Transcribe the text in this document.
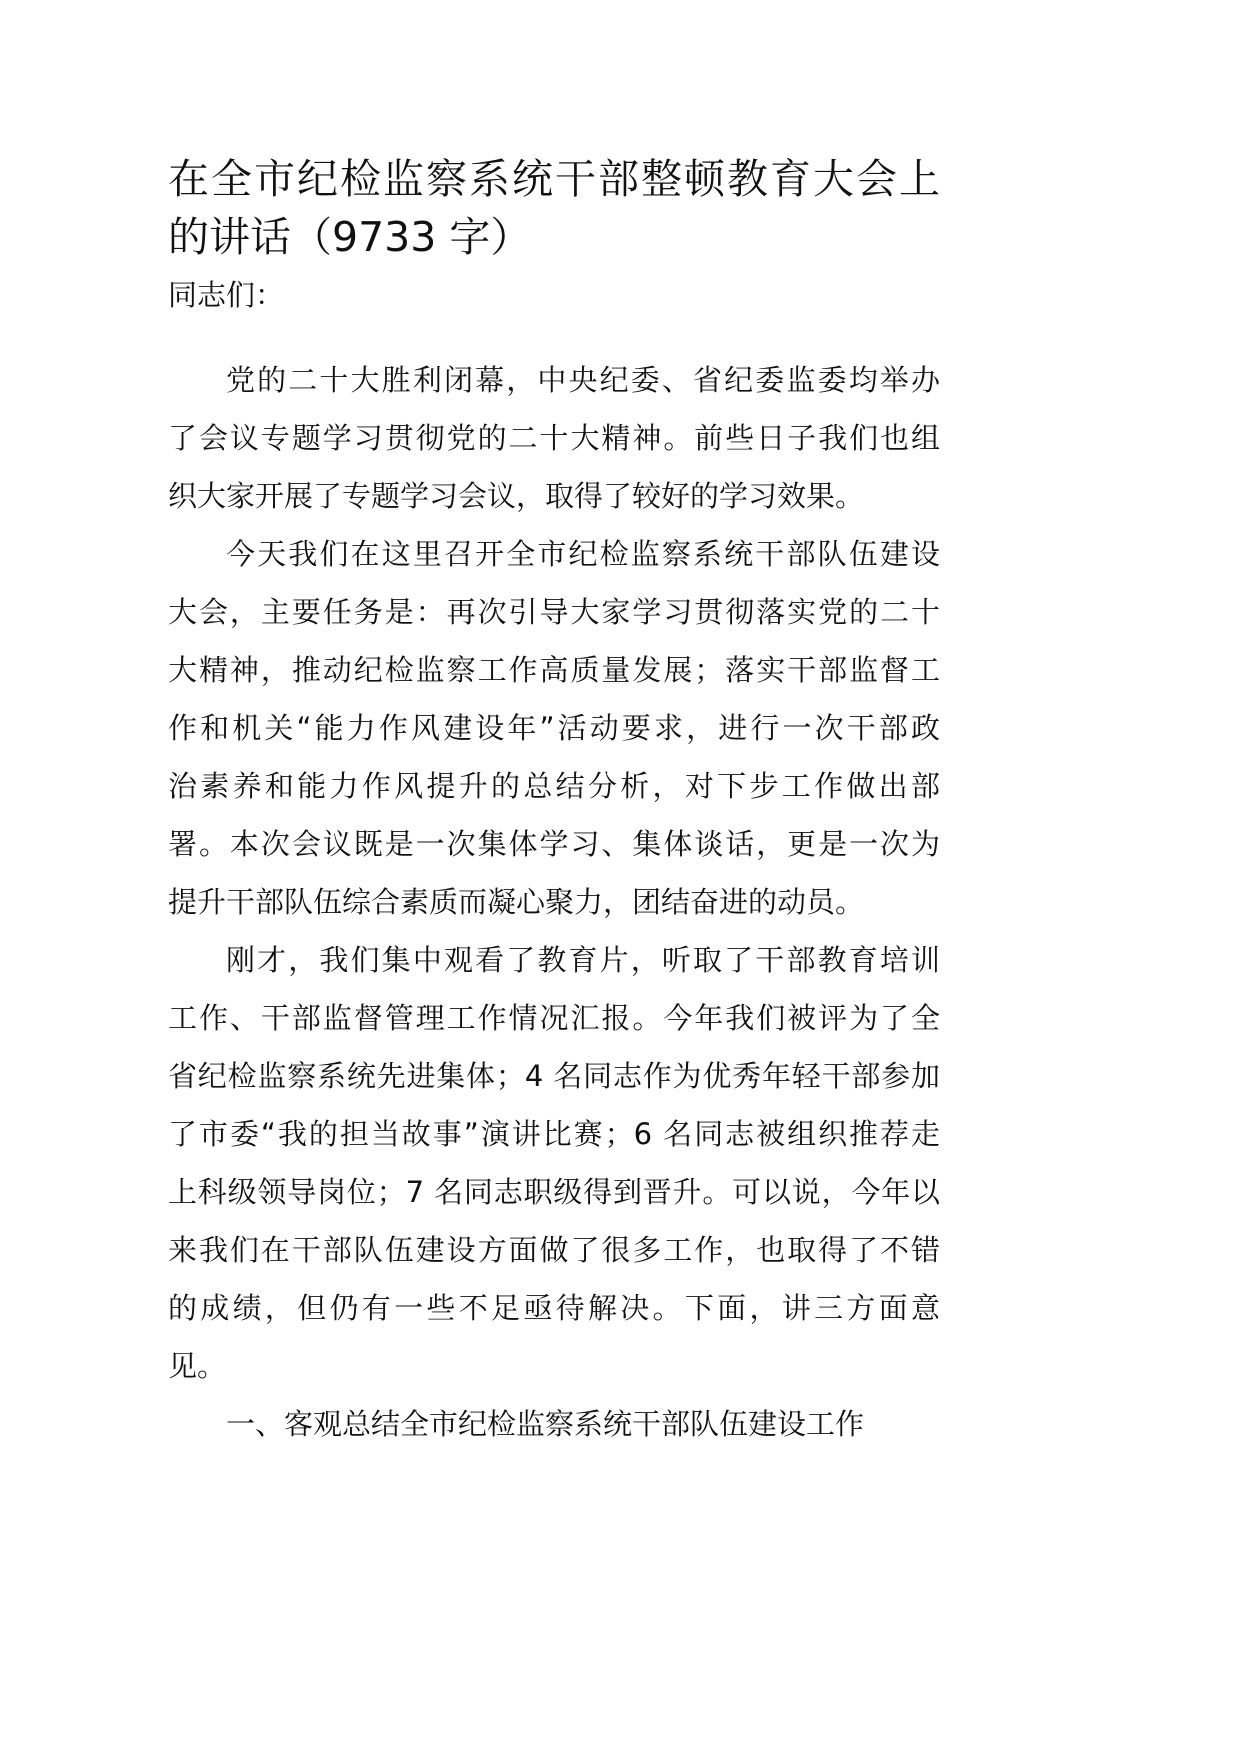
在全市纪检监察系统干部整顿教育大会上
的讲话（9733 字）
同志们：
党的二十大胜利闭幕，中央纪委、省纪委监委均举办
了会议专题学习贯彻党的二十大精神。前些日子我们也组
织大家开展了专题学习会议，取得了较好的学习效果。
今天我们在这里召开全市纪检监察系统干部队伍建设
大会，主要任务是：再次引导大家学习贯彻落实党的二十
大精神，推动纪检监察工作高质量发展；落实干部监督工
作和机关“能力作风建设年”活动要求，进行一次干部政
治素养和能力作风提升的总结分析，对下步工作做出部
署。本次会议既是一次集体学习、集体谈话，更是一次为
提升干部队伍综合素质而凝心聚力，团结奋进的动员。
刚才，我们集中观看了教育片，听取了干部教育培训
工作、干部监督管理工作情况汇报。今年我们被评为了全
省纪检监察系统先进集体；4 名同志作为优秀年轻干部参加
了市委“我的担当故事”演讲比赛；6 名同志被组织推荐走
上科级领导岗位；7 名同志职级得到晋升。可以说，今年以
来我们在干部队伍建设方面做了很多工作，也取得了不错
的成绩，但仍有一些不足亟待解决。下面，讲三方面意
见。
一、客观总结全市纪检监察系统干部队伍建设工作
